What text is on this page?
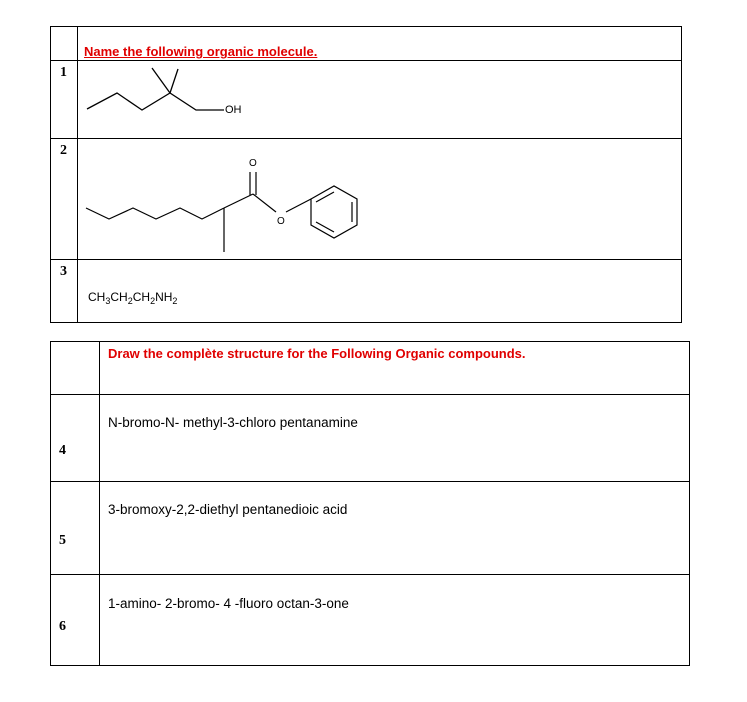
Name the following organic molecule.
1
OH
2
O
O
3
$CH_3CH_2CH_2NH_2$
Draw the complète structure for the Following Organic compounds.
4
N-bromo-N- methyl-3-chloro pentanamine
5
3-bromoxy-2,2-diethyl pentanedioic acid
6
1-amino- 2-bromo- 4 -fluoro octan-3-one
